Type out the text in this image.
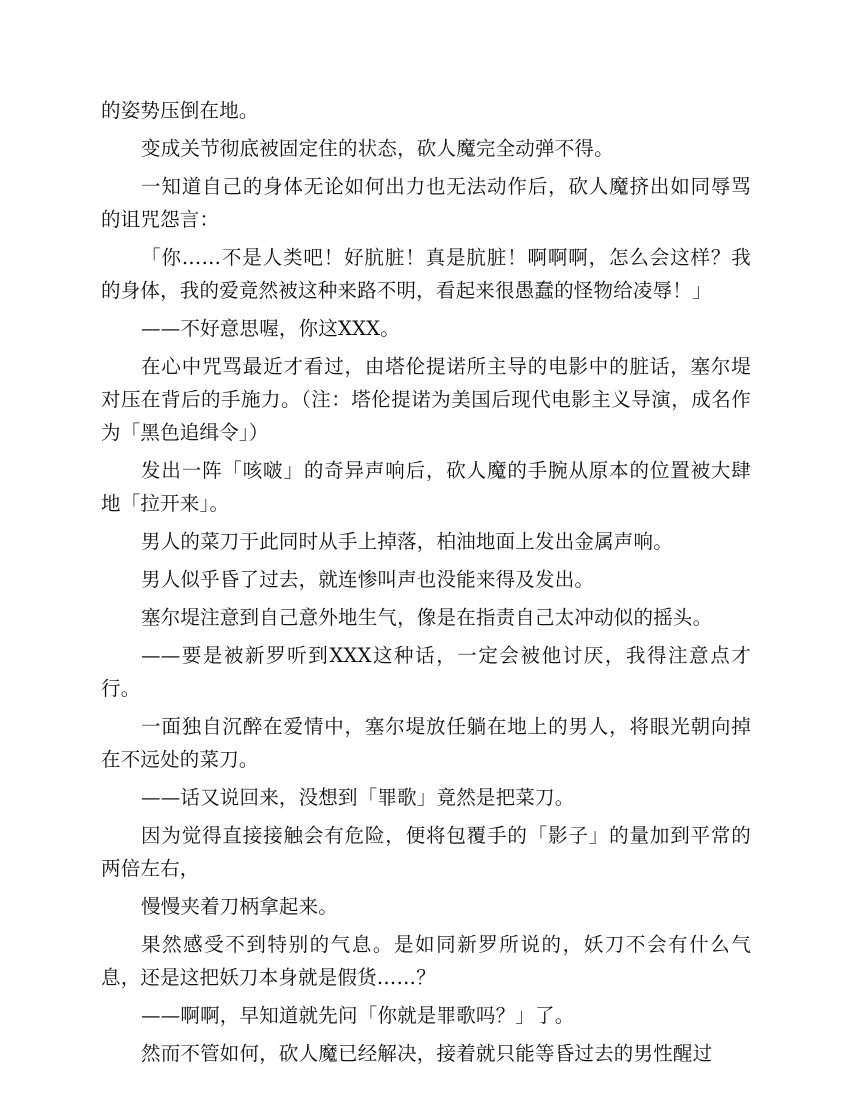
的姿势压倒在地。

变成关节彻底被固定住的状态，砍人魔完全动弹不得。

一知道自己的身体无论如何出力也无法动作后，砍人魔挤出如同辱骂的诅咒怨言：

「你……不是人类吧！好肮脏！真是肮脏！啊啊啊，怎么会这样？我的身体，我的爱竟然被这种来路不明，看起来很愚蠢的怪物给凌辱！」

——不好意思喔，你这XXX。

在心中咒骂最近才看过，由塔伦提诺所主导的电影中的脏话，塞尔堤对压在背后的手施力。（注：塔伦提诺为美国后现代电影主义导演，成名作为「黑色追缉令」）

发出一阵「咳啵」的奇异声响后，砍人魔的手腕从原本的位置被大肆地「拉开来」。

男人的菜刀于此同时从手上掉落，柏油地面上发出金属声响。

男人似乎昏了过去，就连惨叫声也没能来得及发出。

塞尔堤注意到自己意外地生气，像是在指责自己太冲动似的摇头。

——要是被新罗听到XXX这种话，一定会被他讨厌，我得注意点才行。

一面独自沉醉在爱情中，塞尔堤放任躺在地上的男人，将眼光朝向掉在不远处的菜刀。

——话又说回来，没想到「罪歌」竟然是把菜刀。

因为觉得直接接触会有危险，便将包覆手的「影子」的量加到平常的两倍左右，

慢慢夹着刀柄拿起来。

果然感受不到特别的气息。是如同新罗所说的，妖刀不会有什么气息，还是这把妖刀本身就是假货……？

——啊啊，早知道就先问「你就是罪歌吗？」了。

然而不管如何，砍人魔已经解决，接着就只能等昏过去的男性醒过
